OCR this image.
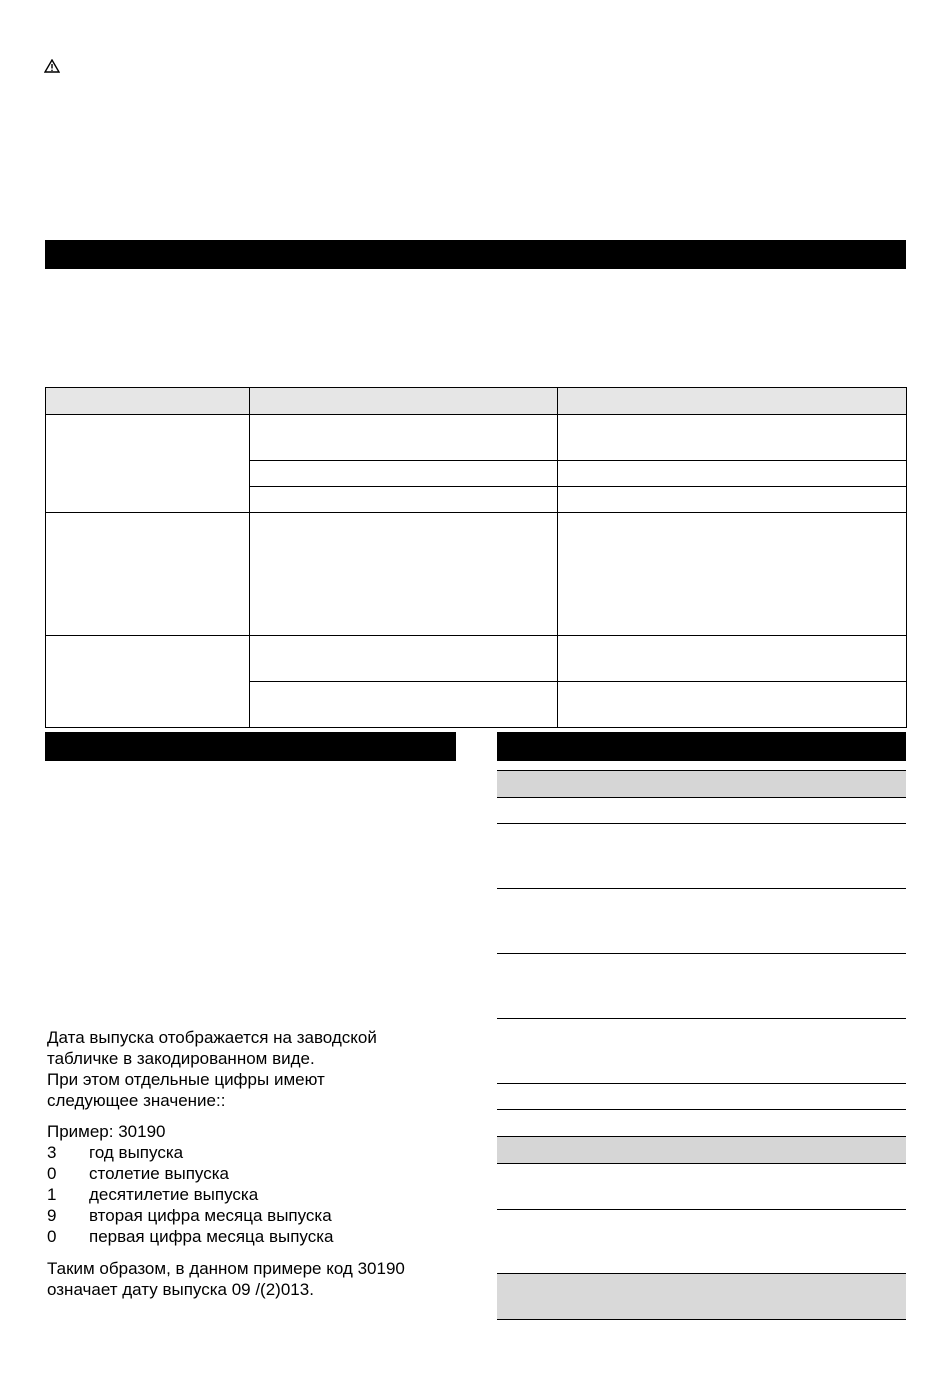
Дата выпуска отображается на заводской
табличке в закодированном виде.
При этом отдельные цифры имеют
следующее значение::
Пример: 30190
3 год выпуска
0 столетие выпуска
1 десятилетие выпуска
9 вторая цифра месяца выпуска
0 первая цифра месяца выпуска
Таким образом, в данном примере код 30190
означает дату выпуска 09 /(2)013.
